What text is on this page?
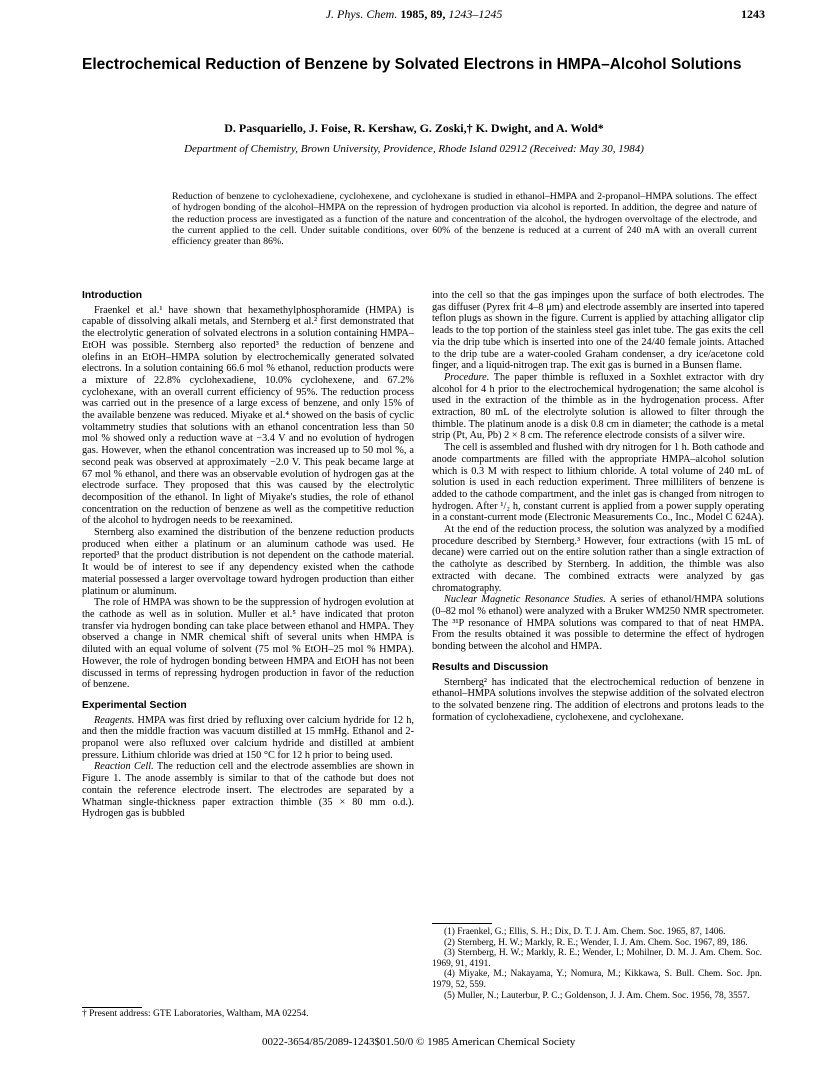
J. Phys. Chem. 1985, 89, 1243–1245	1243
Electrochemical Reduction of Benzene by Solvated Electrons in HMPA–Alcohol Solutions
D. Pasquariello, J. Foise, R. Kershaw, G. Zoski,† K. Dwight, and A. Wold*
Department of Chemistry, Brown University, Providence, Rhode Island 02912 (Received: May 30, 1984)

Reduction of benzene to cyclohexadiene, cyclohexene, and cyclohexane is studied in ethanol–HMPA and 2-propanol–HMPA solutions. The effect of hydrogen bonding of the alcohol–HMPA on the repression of hydrogen production via alcohol is reported. In addition, the degree and nature of the reduction process are investigated as a function of the nature and concentration of the alcohol, the hydrogen overvoltage of the electrode, and the current applied to the cell. Under suitable conditions, over 60% of the benzene is reduced at a current of 240 mA with an overall current efficiency greater than 86%.

Introduction

Fraenkel et al.¹ have shown that hexamethylphosphoramide (HMPA) is capable of dissolving alkali metals, and Sternberg et al.² first demonstrated that the electrolytic generation of solvated electrons in a solution containing HMPA–EtOH was possible. Sternberg also reported³ the reduction of benzene and olefins in an EtOH–HMPA solution by electrochemically generated solvated electrons. In a solution containing 66.6 mol % ethanol, reduction products were a mixture of 22.8% cyclohexadiene, 10.0% cyclohexene, and 67.2% cyclohexane, with an overall current efficiency of 95%. The reduction process was carried out in the presence of a large excess of benzene, and only 15% of the available benzene was reduced. Miyake et al.⁴ showed on the basis of cyclic voltammetry studies that solutions with an ethanol concentration less than 50 mol % showed only a reduction wave at −3.4 V and no evolution of hydrogen gas. However, when the ethanol concentration was increased up to 50 mol %, a second peak was observed at approximately −2.0 V. This peak became large at 67 mol % ethanol, and there was an observable evolution of hydrogen gas at the electrode surface. They proposed that this was caused by the electrolytic decomposition of the ethanol. In light of Miyake's studies, the role of ethanol concentration on the reduction of benzene as well as the competitive reduction of the alcohol to hydrogen needs to be reexamined.

Sternberg also examined the distribution of the benzene reduction products produced when either a platinum or an aluminum cathode was used. He reported³ that the product distribution is not dependent on the cathode material. It would be of interest to see if any dependency existed when the cathode material possessed a larger overvoltage toward hydrogen production than either platinum or aluminum.

The role of HMPA was shown to be the suppression of hydrogen evolution at the cathode as well as in solution. Muller et al.⁵ have indicated that proton transfer via hydrogen bonding can take place between ethanol and HMPA. They observed a change in NMR chemical shift of several units when HMPA is diluted with an equal volume of solvent (75 mol % EtOH–25 mol % HMPA). However, the role of hydrogen bonding between HMPA and EtOH has not been discussed in terms of repressing hydrogen production in favor of the reduction of benzene.

Experimental Section

Reagents. HMPA was first dried by refluxing over calcium hydride for 12 h, and then the middle fraction was vacuum distilled at 15 mmHg. Ethanol and 2-propanol were also refluxed over calcium hydride and distilled at ambient pressure. Lithium chloride was dried at 150 °C for 12 h prior to being used.

Reaction Cell. The reduction cell and the electrode assemblies are shown in Figure 1. The anode assembly is similar to that of the cathode but does not contain the reference electrode insert. The electrodes are separated by a Whatman single-thickness paper extraction thimble (35 × 80 mm o.d.). Hydrogen gas is bubbled

into the cell so that the gas impinges upon the surface of both electrodes. The gas diffuser (Pyrex frit 4–8 μm) and electrode assembly are inserted into tapered teflon plugs as shown in the figure. Current is applied by attaching alligator clip leads to the top portion of the stainless steel gas inlet tube. The gas exits the cell via the drip tube which is inserted into one of the 24/40 female joints. Attached to the drip tube are a water-cooled Graham condenser, a dry ice/acetone cold finger, and a liquid-nitrogen trap. The exit gas is burned in a Bunsen flame.

Procedure. The paper thimble is refluxed in a Soxhlet extractor with dry alcohol for 4 h prior to the electrochemical hydrogenation; the same alcohol is used in the extraction of the thimble as in the hydrogenation process. After extraction, 80 mL of the electrolyte solution is allowed to filter through the thimble. The platinum anode is a disk 0.8 cm in diameter; the cathode is a metal strip (Pt, Au, Pb) 2 × 8 cm. The reference electrode consists of a silver wire.

The cell is assembled and flushed with dry nitrogen for 1 h. Both cathode and anode compartments are filled with the appropriate HMPA–alcohol solution which is 0.3 M with respect to lithium chloride. A total volume of 240 mL of solution is used in each reduction experiment. Three milliliters of benzene is added to the cathode compartment, and the inlet gas is changed from nitrogen to hydrogen. After ¹/₂ h, constant current is applied from a power supply operating in a constant-current mode (Electronic Measurements Co., Inc., Model C 624A).

At the end of the reduction process, the solution was analyzed by a modified procedure described by Sternberg.³ However, four extractions (with 15 mL of decane) were carried out on the entire solution rather than a single extraction of the catholyte as described by Sternberg. In addition, the thimble was also extracted with decane. The combined extracts were analyzed by gas chromatography.

Nuclear Magnetic Resonance Studies. A series of ethanol/HMPA solutions (0–82 mol % ethanol) were analyzed with a Bruker WM250 NMR spectrometer. The ³¹P resonance of HMPA solutions was compared to that of neat HMPA. From the results obtained it was possible to determine the effect of hydrogen bonding between the alcohol and HMPA.

Results and Discussion

Sternberg² has indicated that the electrochemical reduction of benzene in ethanol–HMPA solutions involves the stepwise addition of the solvated electron to the solvated benzene ring. The addition of electrons and protons leads to the formation of cyclohexadiene, cyclohexene, and cyclohexane.

(1) Fraenkel, G.; Ellis, S. H.; Dix, D. T. J. Am. Chem. Soc. 1965, 87, 1406.
(2) Sternberg, H. W.; Markly, R. E.; Wender, I. J. Am. Chem. Soc. 1967, 89, 186.
(3) Sternberg, H. W.; Markly, R. E.; Wender, I.; Mohilner, D. M. J. Am. Chem. Soc. 1969, 91, 4191.
(4) Miyake, M.; Nakayama, Y.; Nomura, M.; Kikkawa, S. Bull. Chem. Soc. Jpn. 1979, 52, 559.
(5) Muller, N.; Lauterbur, P. C.; Goldenson, J. J. Am. Chem. Soc. 1956, 78, 3557.
† Present address: GTE Laboratories, Waltham, MA 02254.
0022-3654/85/2089-1243$01.50/0 © 1985 American Chemical Society
